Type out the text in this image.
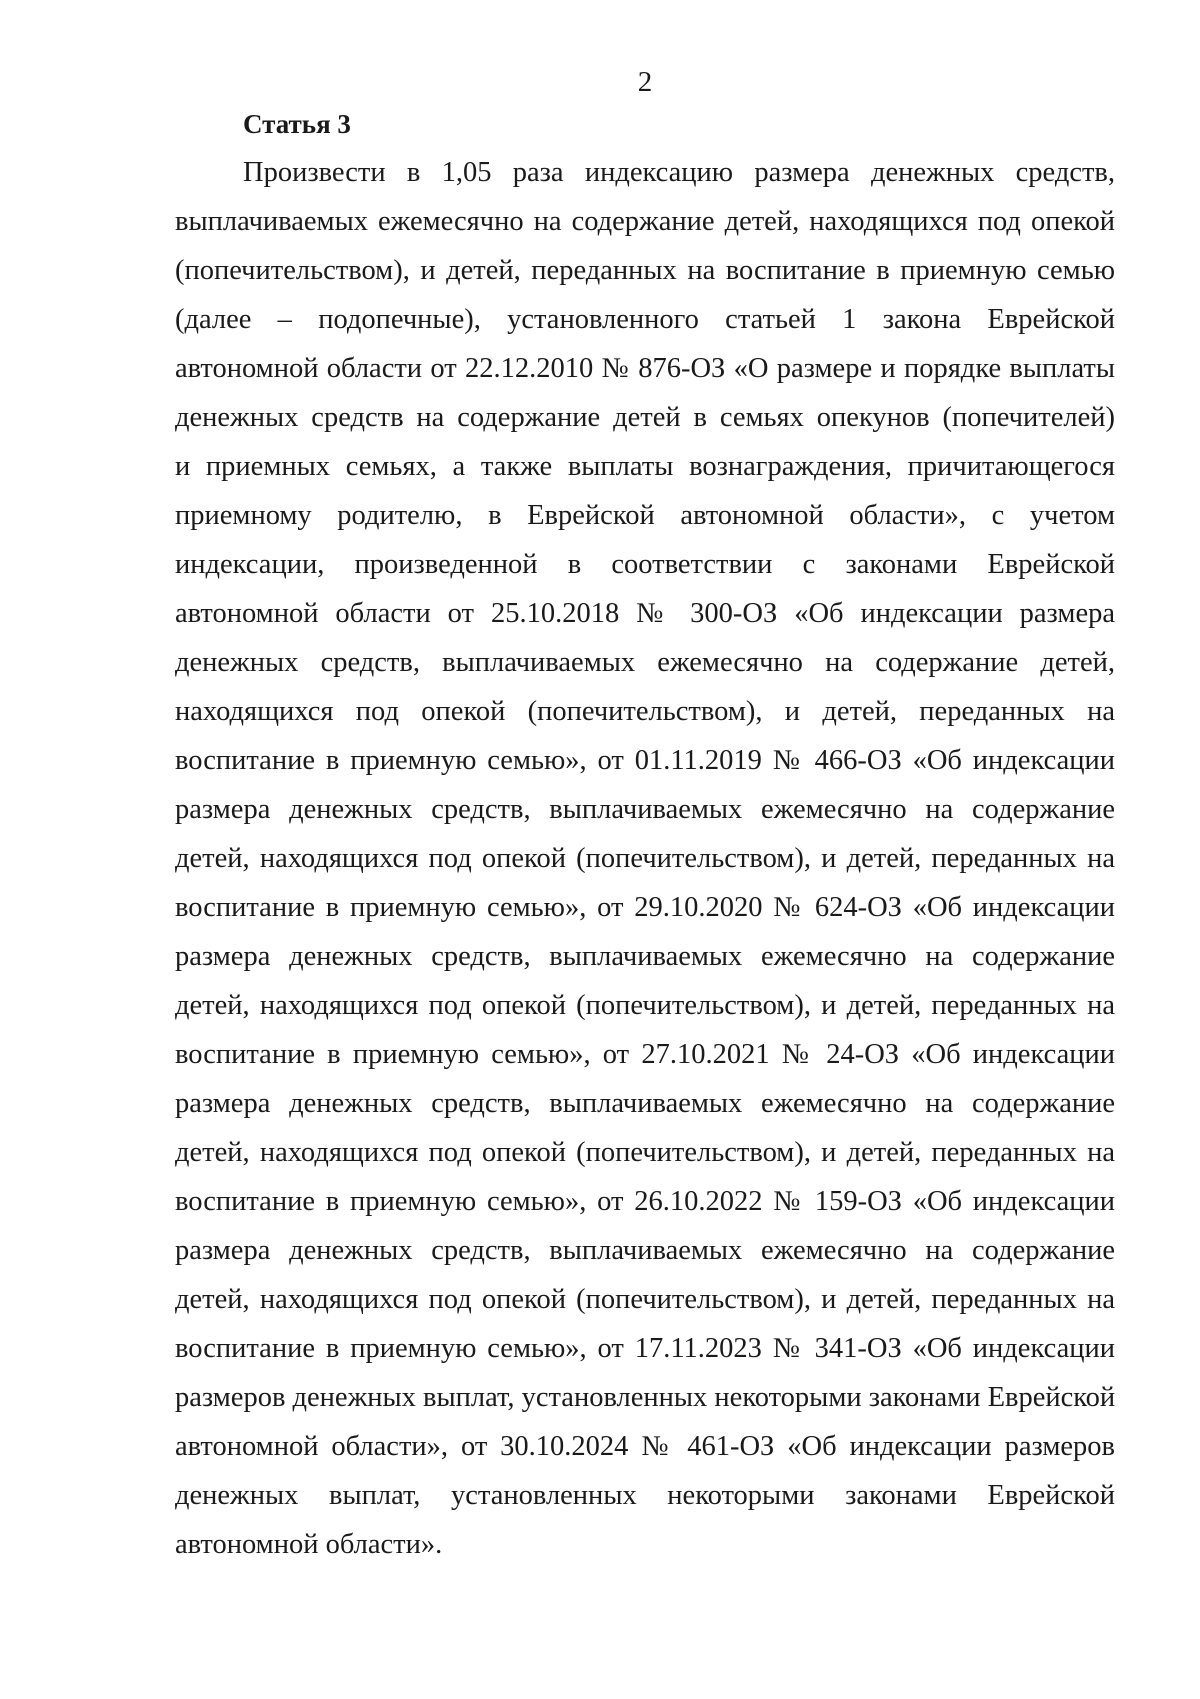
2
Статья 3
Произвести в 1,05 раза индексацию размера денежных средств,
выплачиваемых ежемесячно на содержание детей, находящихся под опекой
(попечительством), и детей, переданных на воспитание в приемную семью
(далее – подопечные), установленного статьей 1 закона Еврейской
автономной области от 22.12.2010 № 876-ОЗ «О размере и порядке выплаты
денежных средств на содержание детей в семьях опекунов (попечителей)
и приемных семьях, а также выплаты вознаграждения, причитающегося
приемному родителю, в Еврейской автономной области», с учетом
индексации, произведенной в соответствии с законами Еврейской
автономной области от 25.10.2018 № 300-ОЗ «Об индексации размера
денежных средств, выплачиваемых ежемесячно на содержание детей,
находящихся под опекой (попечительством), и детей, переданных на
воспитание в приемную семью», от 01.11.2019 № 466-ОЗ «Об индексации
размера денежных средств, выплачиваемых ежемесячно на содержание
детей, находящихся под опекой (попечительством), и детей, переданных на
воспитание в приемную семью», от 29.10.2020 № 624-ОЗ «Об индексации
размера денежных средств, выплачиваемых ежемесячно на содержание
детей, находящихся под опекой (попечительством), и детей, переданных на
воспитание в приемную семью», от 27.10.2021 № 24-ОЗ «Об индексации
размера денежных средств, выплачиваемых ежемесячно на содержание
детей, находящихся под опекой (попечительством), и детей, переданных на
воспитание в приемную семью», от 26.10.2022 № 159-ОЗ «Об индексации
размера денежных средств, выплачиваемых ежемесячно на содержание
детей, находящихся под опекой (попечительством), и детей, переданных на
воспитание в приемную семью», от 17.11.2023 № 341-ОЗ «Об индексации
размеров денежных выплат, установленных некоторыми законами Еврейской
автономной области», от 30.10.2024 № 461-ОЗ «Об индексации размеров
денежных выплат, установленных некоторыми законами Еврейской
автономной области».
